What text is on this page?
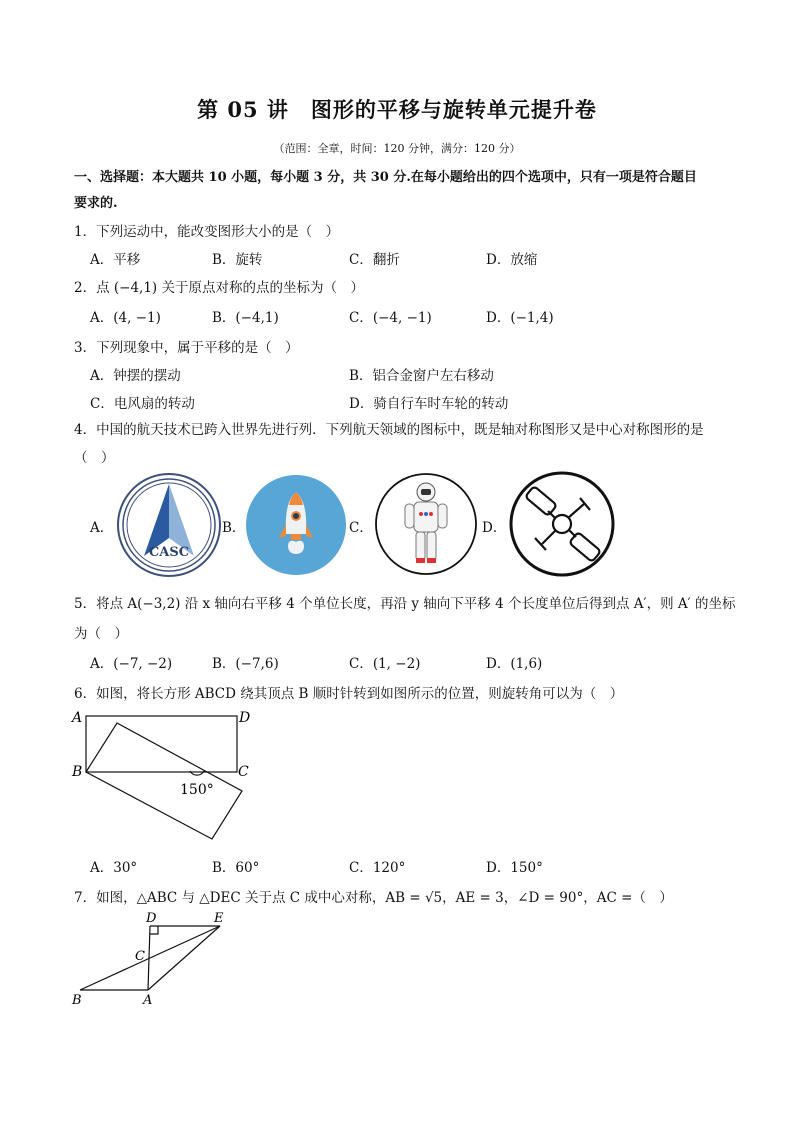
第 05 讲　图形的平移与旋转单元提升卷
（范围：全章，时间：120 分钟，满分：120 分）
一、选择题：本大题共 10 小题，每小题 3 分，共 30 分.在每小题给出的四个选项中，只有一项是符合题目
要求的.
1．下列运动中，能改变图形大小的是（　）
A．平移	B．旋转	C．翻折	D．放缩
2．点 (−4,1) 关于原点对称的点的坐标为（　）
A．(4, −1)	B．(−4,1)	C．(−4, −1)	D．(−1,4)
3．下列现象中，属于平移的是（　）
A．钟摆的摆动	B．铝合金窗户左右移动
C．电风扇的转动	D．骑自行车时车轮的转动
4．中国的航天技术已跨入世界先进行列．下列航天领域的图标中，既是轴对称图形又是中心对称图形的是
（　）
A．	B．	C．	D．
CASC
5．将点 A(−3,2) 沿 x 轴向右平移 4 个单位长度，再沿 y 轴向下平移 4 个长度单位后得到点 A′，则 A′ 的坐标
为（　）
A．(−7, −2)	B．(−7,6)	C．(1, −2)	D．(1,6)
6．如图，将长方形 ABCD 绕其顶点 B 顺时针转到如图所示的位置，则旋转角可以为（　）
A	D
B	C
150°
A．30°	B．60°	C．120°	D．150°
7．如图，△ABC 与 △DEC 关于点 C 成中心对称，AB = √5，AE = 3，∠D = 90°，AC =（　）
D	E
C
B	A
